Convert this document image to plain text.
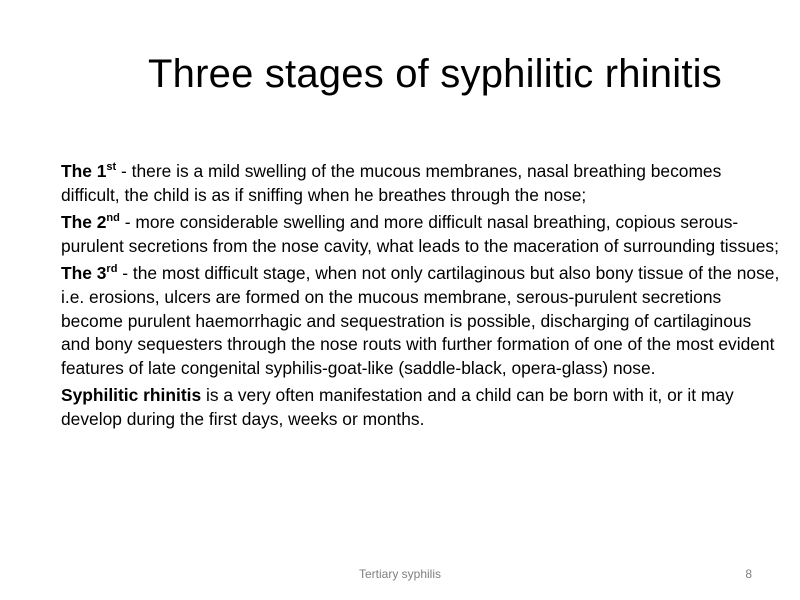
Three stages of syphilitic rhinitis

The 1st - there is a mild swelling of the mucous membranes, nasal breathing becomes difficult, the child is as if sniffing when he breathes through the nose;

The 2nd - more considerable swelling and more difficult nasal breathing, copious serous-purulent secretions from the nose cavity, what leads to the maceration of surrounding tissues;

The 3rd - the most difficult stage, when not only cartilaginous but also bony tissue of the nose, i.e. erosions, ulcers are formed on the mucous membrane, serous-purulent secretions become purulent haemorrhagic and sequestration is possible, discharging of cartilaginous and bony sequesters through the nose routs with further formation of one of the most evident features of late congenital syphilis-goat-like (saddle-black, opera-glass) nose.

Syphilitic rhinitis is a very often manifestation and a child can be born with it, or it may develop during the first days, weeks or months.

Tertiary syphilis	8
